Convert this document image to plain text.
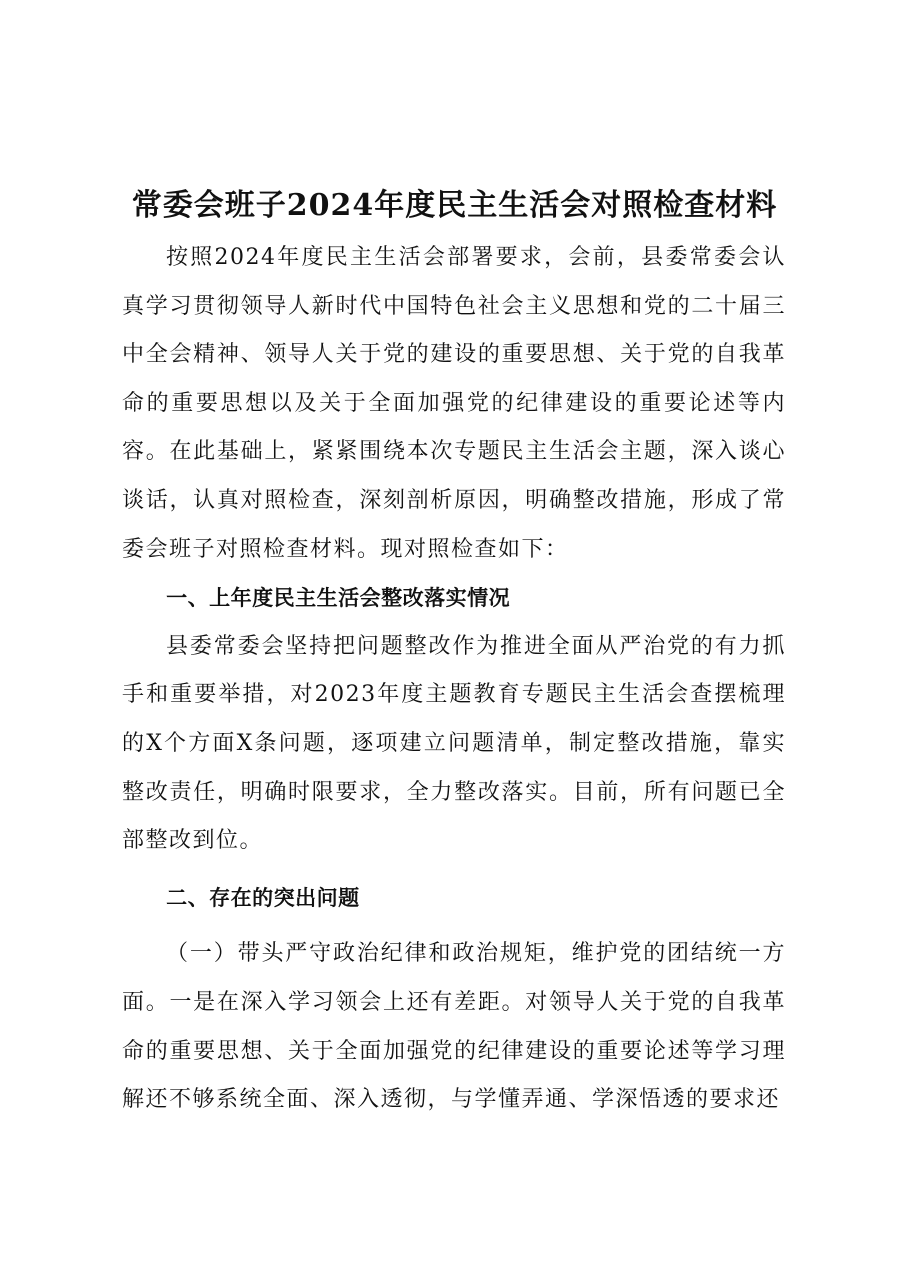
常委会班子2024年度民主生活会对照检查材料

按照2024年度民主生活会部署要求，会前，县委常委会认真学习贯彻领导人新时代中国特色社会主义思想和党的二十届三中全会精神、领导人关于党的建设的重要思想、关于党的自我革命的重要思想以及关于全面加强党的纪律建设的重要论述等内容。在此基础上，紧紧围绕本次专题民主生活会主题，深入谈心谈话，认真对照检查，深刻剖析原因，明确整改措施，形成了常委会班子对照检查材料。现对照检查如下：

一、上年度民主生活会整改落实情况

县委常委会坚持把问题整改作为推进全面从严治党的有力抓手和重要举措，对2023年度主题教育专题民主生活会查摆梳理的X个方面X条问题，逐项建立问题清单，制定整改措施，靠实整改责任，明确时限要求，全力整改落实。目前，所有问题已全部整改到位。

二、存在的突出问题

（一）带头严守政治纪律和政治规矩，维护党的团结统一方面。一是在深入学习领会上还有差距。对领导人关于党的自我革命的重要思想、关于全面加强党的纪律建设的重要论述等学习理解还不够系统全面、深入透彻，与学懂弄通、学深悟透的要求还
